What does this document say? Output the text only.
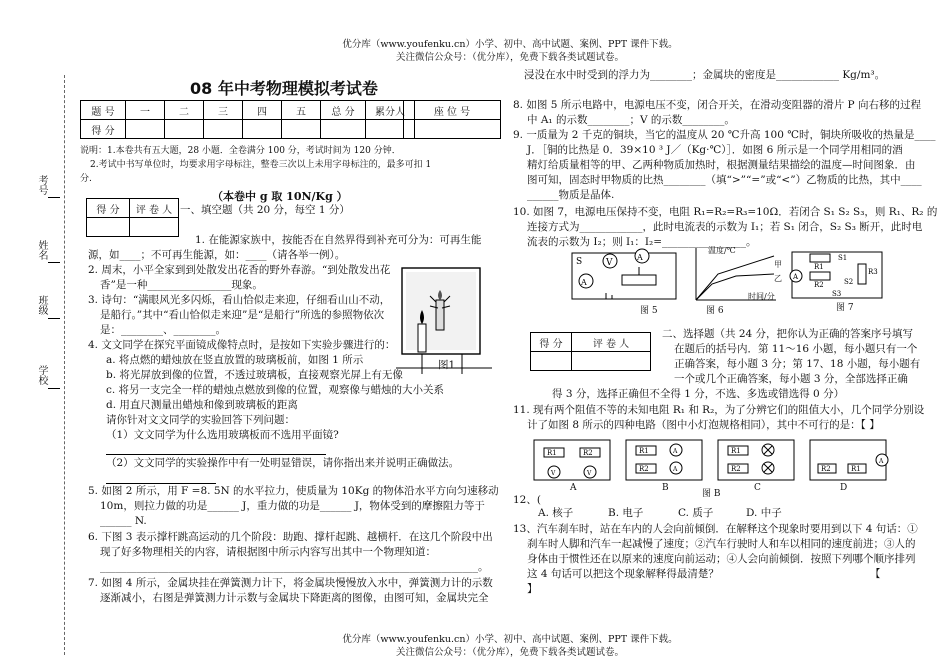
优分库（www.youfenku.cn）小学、初中、高中试题、案例、PPT 课件下载。
关注微信公众号：（优分库），免费下载各类试题试卷。
优分库（www.youfenku.cn）小学、初中、高中试题、案例、PPT 课件下载。
关注微信公众号：（优分库），免费下载各类试题试卷。
考号
姓名
班级
学校
08 年中考物理模拟考试卷
题 号	一	二	三	四	五	总 分	累分人
得 分							
座 位 号

说明：1.本卷共有五大题，28 小题．全卷满分 100 分，考试时间为 120 分钟．
2.考试中书写单位时，均要求用字母标注，整卷三次以上未用字母标注的，最多可扣 1
分.
（本卷中 g 取 10N/Kg ）
得 分	评 卷 人
	一、填空题（共 20 分，每空 1 分）
1. 在能源家族中，按能否在自然界得到补充可分为：可再生能
源，如____；不可再生能源，如：____（请各举一例）。
2. 周末，小平全家到到处散发出花香的野外春游。“到处散发出花
香”是一种________________现象。
3. 诗句：“满眼风光多闪烁，看山恰似走来迎，仔细看山山不动，
是船行。”其中“看山恰似走来迎”是“是船行”所选的参照物依次
是：________、________。
4. 文文同学在探究平面镜成像特点时，是按如下实验步骤进行的：
a. 将点燃的蜡烛放在竖直放置的玻璃板前，如图 1 所示
b. 将光屏放到像的位置，不透过玻璃板，直接观察光屏上有无像
c. 将另一支完全一样的蜡烛点燃放到像的位置，观察像与蜡烛的大小关系
d. 用直尺测量出蜡烛和像到玻璃板的距离
请你针对文文同学的实验回答下列问题：
（1）文文同学为什么选用玻璃板而不选用平面镜?
（2）文文同学的实验操作中有一处明显错误，请你指出来并说明正确做法。
图1
5. 如图 2 所示，用 F =8. 5N 的水平拉力，使质量为 10Kg 的物体沿水平方向匀速移动
10m，则拉力做的功是______ J，重力做的功是______ J，物体受到的摩擦阻力等于
______ N.
6. 下图 3 表示撑杆跳高运动的几个阶段：助跑、撑杆起跳、越横杆．在这几个阶段中出
现了好多物理相关的内容，请根据图中所示内容写出其中一个物理知道：
________________________________________________________________________。
7. 如图 4 所示，金属块挂在弹簧测力计下，将金属块慢慢放入水中，弹簧测力计的示数
逐渐减小，右图是弹簧测力计示数与金属块下降距离的图像，由图可知，金属块完全
浸没在水中时受到的浮力为________；金属块的密度是____________ Kg/m³。
8. 如图 5 所示电路中，电源电压不变，闭合开关，在滑动变阻器的滑片 P 向右移的过程
中 A₁ 的示数________；V 的示数________。
9. 一质量为 2 千克的铜块，当它的温度从 20 ℃升高 100 ℃时，铜块所吸收的热量是____
J．［铜的比热是 0．39×10 ³ J／（Kg·℃）］．如图 6 所示是一个同学用相同的酒
精灯给质量相等的甲、乙两种物质加热时，根据测量结果描绘的温度—时间图象．由
图可知，固态时甲物质的比热________（填“>”“=”或“<”）乙物质的比热，其中____
______物质是晶体.
10. 如图 7，电源电压保持不变，电阻 R₁=R₂=R₃=10Ω．若闭合 S₁ S₂ S₃，则 R₁、R₂ 的
连接方式为____________，此时电流表的示数为 I₁；若 S₁ 闭合，S₂ S₃ 断开，此时电
流表的示数为 I₂；则 I₁：I₂=________________。
V
A
A
S
图 5
温度/℃
时间/分
甲
乙
图 6
R1
R2
R3
A
S1
S2
S3
图 7
得 分	评 卷 人

二、选择题（共 24 分，把你认为正确的答案序号填写
在题后的括号内．第 11～16 小题，每小题只有一个
正确答案，每小题 3 分；第 17、18 小题，每小题有
一个或几个正确答案，每小题 3 分，全部选择正确
得 3 分，选择正确但不全得 1 分，不选、多选或错选得 0 分）
11. 现有两个阻值不等的未知电阻 R₁ 和 R₂，为了分辨它们的阻值大小，几个同学分别设
计了如图 8 所示的四种电路（图中小灯泡规格相同），其中不可行的是：【 】
R1	R2
V	V
R1
R2
A
A
R1
R2	R2	R1
A
A	B	C	D
图 B
12、(
A. 核子	B. 电子	C. 质子	D. 中子
13、汽车刹车时，站在车内的人会向前倾倒．在解释这个现象时要用到以下 4 句话：①
刹车时人脚和汽车一起减慢了速度；②汽车行驶时人和车以相同的速度前进；③人的
身体由于惯性还在以原来的速度向前运动；④人会向前倾倒．按照下列哪个顺序排列
这 4 句话可以把这个现象解释得最清楚？	【
】
